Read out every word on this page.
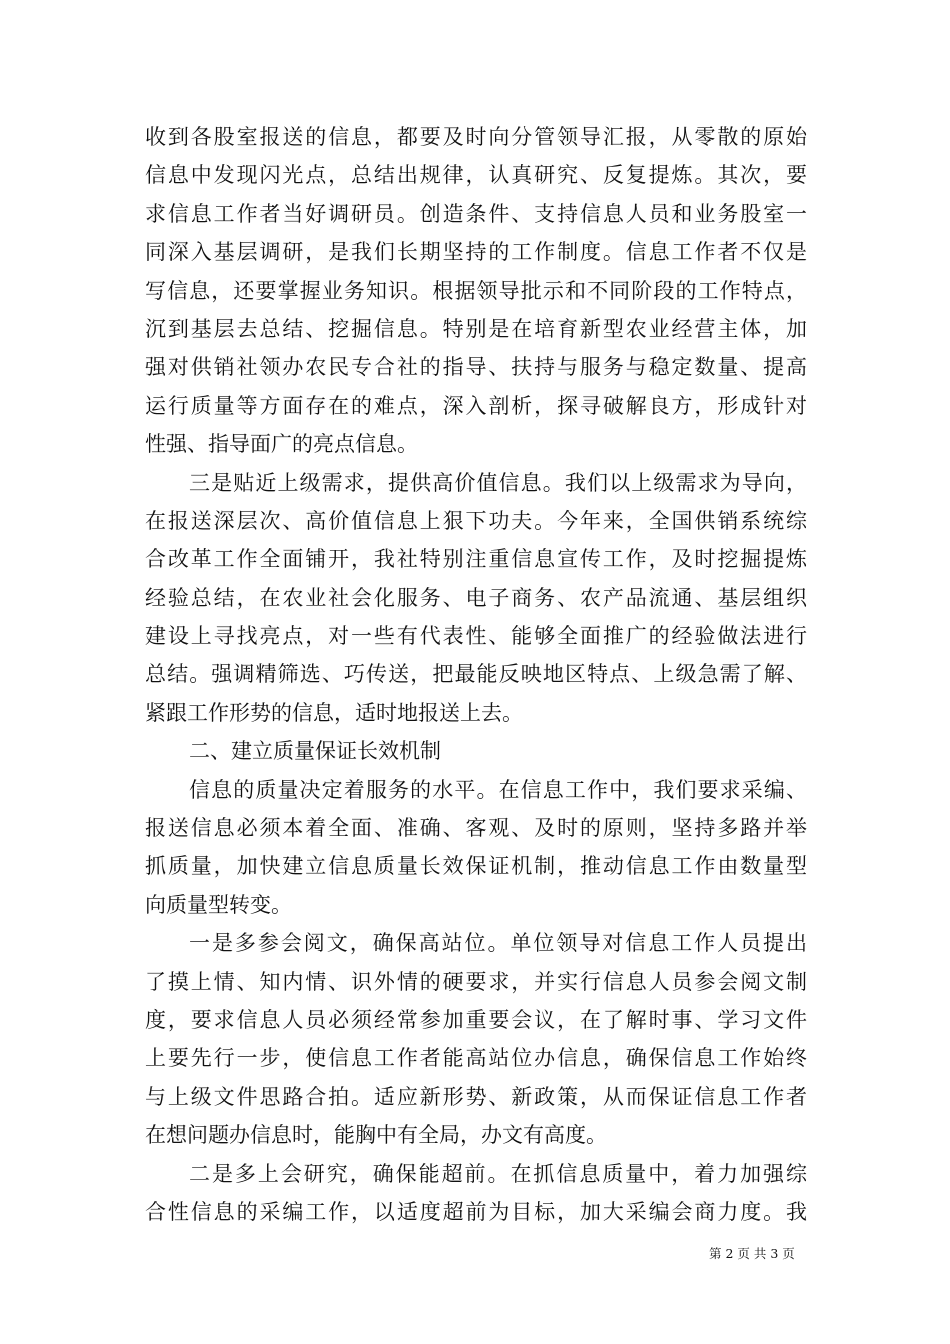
收到各股室报送的信息，都要及时向分管领导汇报，从零散的原始
信息中发现闪光点，总结出规律，认真研究、反复提炼。其次，要
求信息工作者当好调研员。创造条件、支持信息人员和业务股室一
同深入基层调研，是我们长期坚持的工作制度。信息工作者不仅是
写信息，还要掌握业务知识。根据领导批示和不同阶段的工作特点，
沉到基层去总结、挖掘信息。特别是在培育新型农业经营主体，加
强对供销社领办农民专合社的指导、扶持与服务与稳定数量、提高
运行质量等方面存在的难点，深入剖析，探寻破解良方，形成针对
性强、指导面广的亮点信息。
三是贴近上级需求，提供高价值信息。我们以上级需求为导向，
在报送深层次、高价值信息上狠下功夫。今年来，全国供销系统综
合改革工作全面铺开，我社特别注重信息宣传工作，及时挖掘提炼
经验总结，在农业社会化服务、电子商务、农产品流通、基层组织
建设上寻找亮点，对一些有代表性、能够全面推广的经验做法进行
总结。强调精筛选、巧传送，把最能反映地区特点、上级急需了解、
紧跟工作形势的信息，适时地报送上去。
二、建立质量保证长效机制
信息的质量决定着服务的水平。在信息工作中，我们要求采编、
报送信息必须本着全面、准确、客观、及时的原则，坚持多路并举
抓质量，加快建立信息质量长效保证机制，推动信息工作由数量型
向质量型转变。
一是多参会阅文，确保高站位。单位领导对信息工作人员提出
了摸上情、知内情、识外情的硬要求，并实行信息人员参会阅文制
度，要求信息人员必须经常参加重要会议，在了解时事、学习文件
上要先行一步，使信息工作者能高站位办信息，确保信息工作始终
与上级文件思路合拍。适应新形势、新政策，从而保证信息工作者
在想问题办信息时，能胸中有全局，办文有高度。
二是多上会研究，确保能超前。在抓信息质量中，着力加强综
合性信息的采编工作，以适度超前为目标，加大采编会商力度。我
第 2 页 共 3 页
